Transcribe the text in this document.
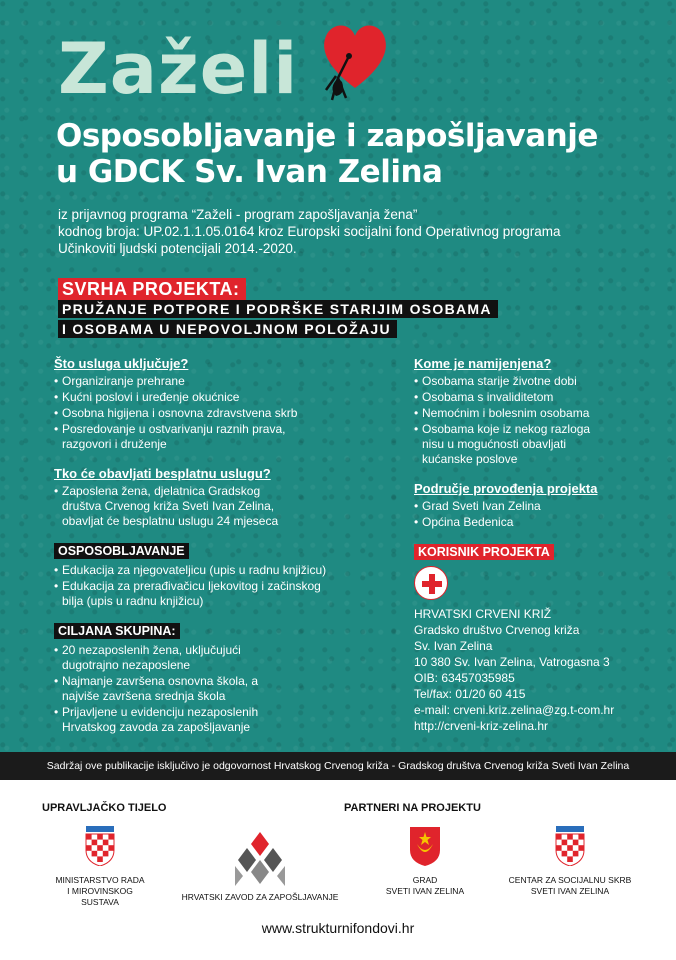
Zaželi
Osposobljavanje i zapošljavanje
u GDCK Sv. Ivan Zelina
iz prijavnog programa “Zaželi - program zapošljavanja žena”
kodnog broja: UP.02.1.1.05.0164 kroz Europski socijalni fond Operativnog programa
Učinkoviti ljudski potencijali 2014.-2020.
SVRHA PROJEKTA:
PRUŽANJE POTPORE I PODRŠKE STARIJIM OSOBAMA
I OSOBAMA U NEPOVOLJNOM POLOŽAJU
Što usluga uključuje?
• Organiziranje prehrane
• Kućni poslovi i uređenje okućnice
• Osobna higijena i osnovna zdravstvena skrb
• Posredovanje u ostvarivanju raznih prava, razgovori i druženje
Tko će obavljati besplatnu uslugu?
• Zaposlena žena, djelatnica Gradskog društva Crvenog križa Sveti Ivan Zelina, obavljat će besplatnu uslugu 24 mjeseca
OSPOSOBLJAVANJE
• Edukacija za njegovateljicu (upis u radnu knjižicu)
• Edukacija za prerađivačicu ljekovitog i začinskog bilja (upis u radnu knjižicu)
CILJANA SKUPINA:
• 20 nezaposlenih žena, uključujući dugotrajno nezaposlene
• Najmanje završena osnovna škola, a najviše završena srednja škola
• Prijavljene u evidenciju nezaposlenih Hrvatskog zavoda za zapošljavanje
Kome je namijenjena?
• Osobama starije životne dobi
• Osobama s invaliditetom
• Nemoćnim i bolesnim osobama
• Osobama koje iz nekog razloga nisu u mogućnosti obavljati kućanske poslove
Područje provođenja projekta
• Grad Sveti Ivan Zelina
• Općina Bedenica
KORISNIK PROJEKTA
HRVATSKI CRVENI KRIŽ
Gradsko društvo Crvenog križa
Sv. Ivan Zelina
10 380 Sv. Ivan Zelina, Vatrogasna 3
OIB: 63457035985
Tel/fax: 01/20 60 415
e-mail: crveni.kriz.zelina@zg.t-com.hr
http://crveni-kriz-zelina.hr
Sadržaj ove publikacije isključivo je odgovornost Hrvatskog Crvenog križa - Gradskog društva Crvenog križa Sveti Ivan Zelina
UPRAVLJAČKO TIJELO	PARTNERI NA PROJEKTU
MINISTARSTVO RADA
I MIROVINSKOG
SUSTAVA	HRVATSKI ZAVOD ZA ZAPOŠLJAVANJE
GRAD
SVETI IVAN ZELINA
CENTAR ZA SOCIJALNU SKRB
SVETI IVAN ZELINA
www.strukturnifondovi.hr
